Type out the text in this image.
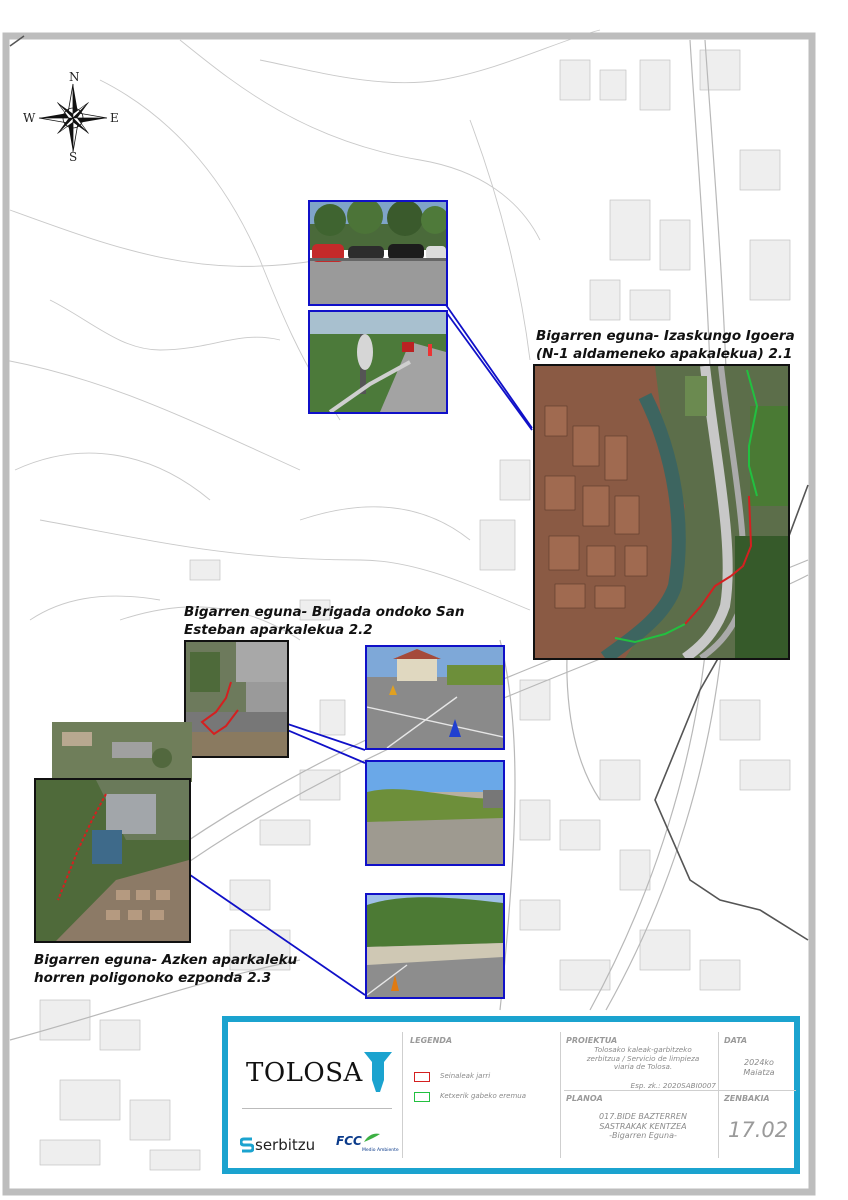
N
S
E
W
Bigarren eguna- Izaskungo Igoera
(N-1 aldameneko apakalekua) 2.1
Bigarren eguna- Brigada ondoko San
Esteban aparkalekua 2.2
Bigarren eguna- Azken aparkaleku
horren poligonoko ezponda 2.3
TOLOSA
serbitzu FCC
Medio Ambiente
LEGENDA
Seinaleak jarri
Ketxerik gabeko eremua
PROIEKTUA
Tolosako kaleak-garbitzeko
zerbitzua / Servicio de limpieza
viaria de Tolosa.
Esp. zk.: 2020SABI0007
PLANOA
017.BIDE BAZTERREN
SASTRAKAK KENTZEA
-Bigarren Eguna-
DATA
2024ko
Maiatza
ZENBAKIA
17.02
